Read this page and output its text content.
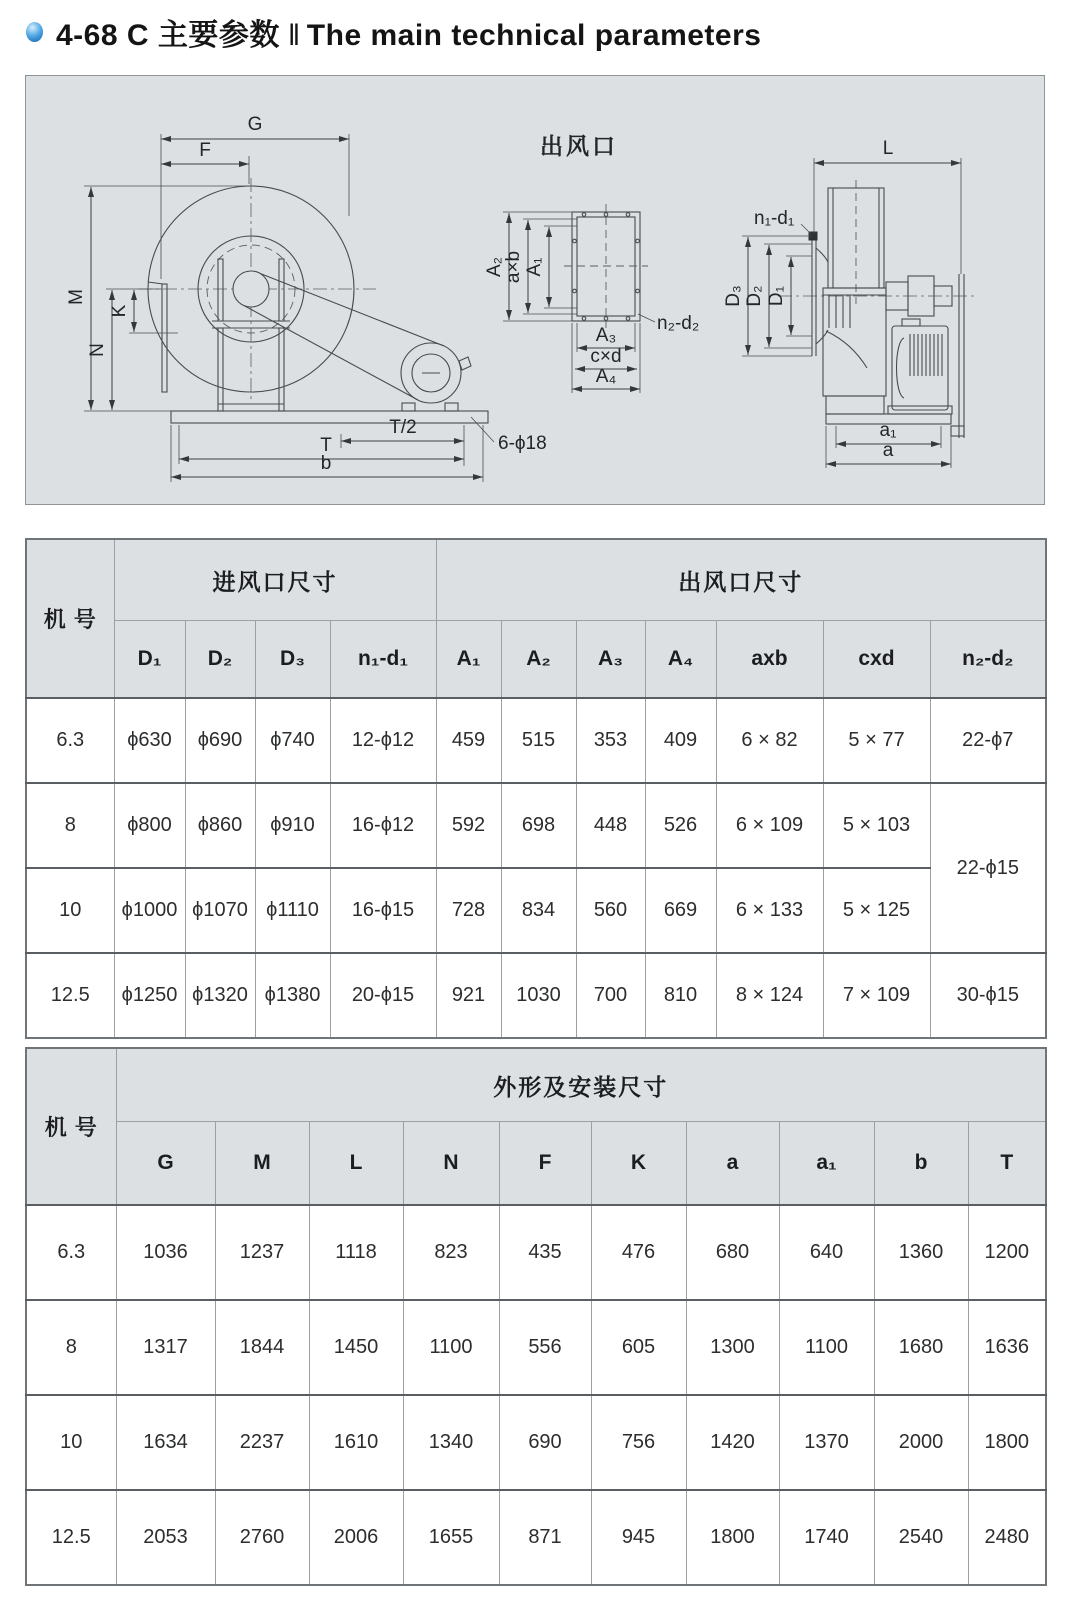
4-68 C 主要参数 ‖ The main technical parameters
G
F
M
N
K
T/2
T
b
6-ϕ18
出风口
A₂
a×b A₁
A₃
c×d
A₄
n₂-d₂
L
n₁-d₁
D₃ D₂ D₁
a₁
a
机 号	进风口尺寸				出风口尺寸						
	D₁	D₂	D₃	n₁-d₁	A₁	A₂	A₃	A₄	axb	cxd	n₂-d₂
6.3	ϕ630	ϕ690	ϕ740	12-ϕ12	459	515	353	409	6 × 82	5 × 77	22-ϕ7
8	ϕ800	ϕ860	ϕ910	16-ϕ12	592	698	448	526	6 × 109	5 × 103	22-ϕ15
10	ϕ1000	ϕ1070	ϕ1110	16-ϕ15	728	834	560	669	6 × 133	5 × 125	
12.5	ϕ1250	ϕ1320	ϕ1380	20-ϕ15	921	1030	700	810	8 × 124	7 × 109	30-ϕ15
机 号	外形及安装尺寸									
	G	M	L	N	F	K	a	a₁	b	T
6.3	1036	1237	1118	823	435	476	680	640	1360	1200
8	1317	1844	1450	1100	556	605	1300	1100	1680	1636
10	1634	2237	1610	1340	690	756	1420	1370	2000	1800
12.5	2053	2760	2006	1655	871	945	1800	1740	2540	2480
